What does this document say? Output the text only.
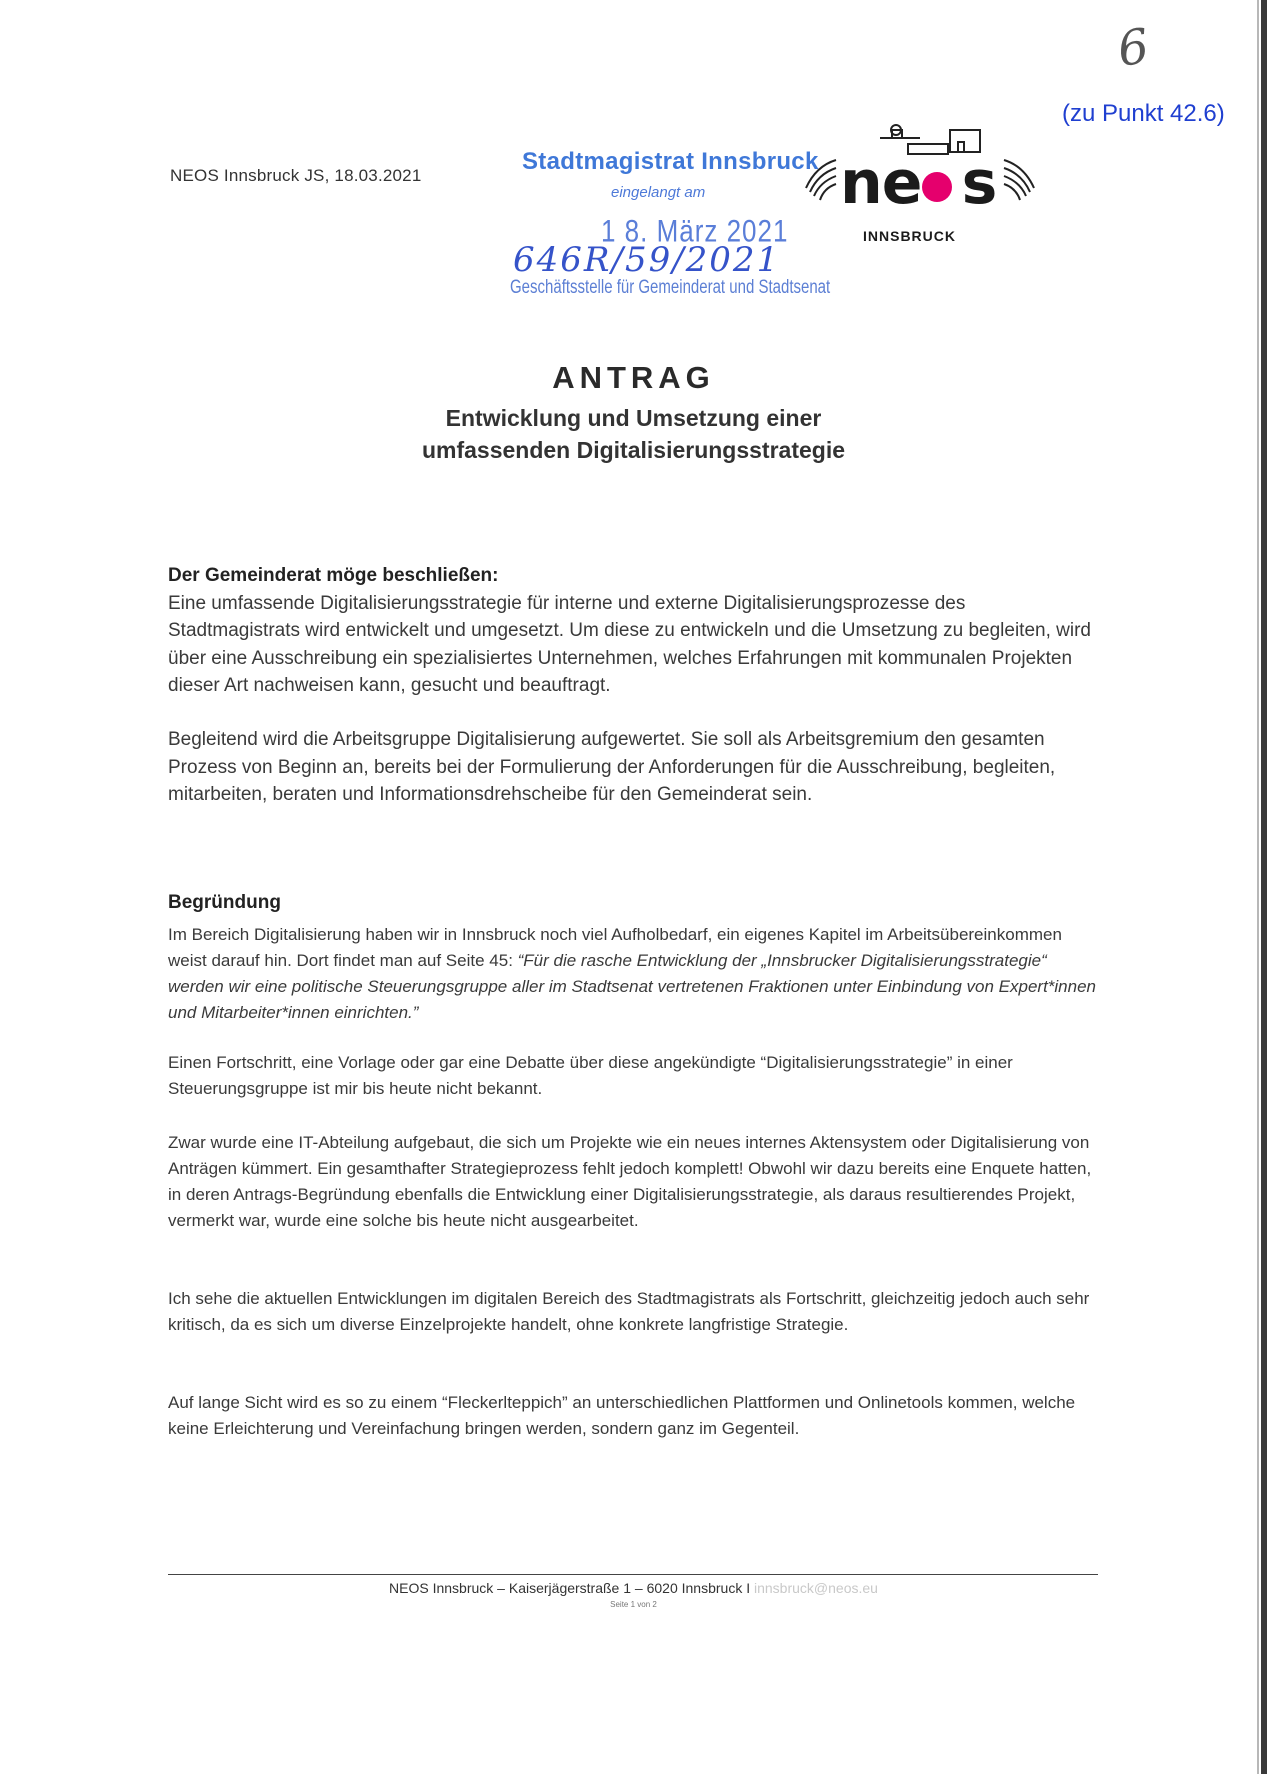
6
(zu Punkt 42.6)
NEOS Innsbruck JS, 18.03.2021
Stadtmagistrat Innsbruck
eingelangt am
1 8. März 2021
646R/59/2021
Geschäftsstelle für Gemeinderat und Stadtsenat
ne s
INNSBRUCK
ANTRAG
Entwicklung und Umsetzung einer
umfassenden Digitalisierungsstrategie
Der Gemeinderat möge beschließen:
Eine umfassende Digitalisierungsstrategie für interne und externe Digitalisierungsprozesse des Stadtmagistrats wird entwickelt und umgesetzt. Um diese zu entwickeln und die Umsetzung zu begleiten, wird über eine Ausschreibung ein spezialisiertes Unternehmen, welches Erfahrungen mit kommunalen Projekten dieser Art nachweisen kann, gesucht und beauftragt.
Begleitend wird die Arbeitsgruppe Digitalisierung aufgewertet. Sie soll als Arbeitsgremium den gesamten Prozess von Beginn an, bereits bei der Formulierung der Anforderungen für die Ausschreibung, begleiten, mitarbeiten, beraten und Informationsdrehscheibe für den Gemeinderat sein.
Begründung
Im Bereich Digitalisierung haben wir in Innsbruck noch viel Aufholbedarf, ein eigenes Kapitel im Arbeitsübereinkommen weist darauf hin. Dort findet man auf Seite 45: “Für die rasche Entwicklung der „Innsbrucker Digitalisierungsstrategie“ werden wir eine politische Steuerungsgruppe aller im Stadtsenat vertretenen Fraktionen unter Einbindung von Expert*innen und Mitarbeiter*innen einrichten.”
Einen Fortschritt, eine Vorlage oder gar eine Debatte über diese angekündigte “Digitalisierungsstrategie” in einer Steuerungsgruppe ist mir bis heute nicht bekannt.
Zwar wurde eine IT-Abteilung aufgebaut, die sich um Projekte wie ein neues internes Aktensystem oder Digitalisierung von Anträgen kümmert. Ein gesamthafter Strategieprozess fehlt jedoch komplett! Obwohl wir dazu bereits eine Enquete hatten, in deren Antrags-Begründung ebenfalls die Entwicklung einer Digitalisierungsstrategie, als daraus resultierendes Projekt, vermerkt war, wurde eine solche bis heute nicht ausgearbeitet.
Ich sehe die aktuellen Entwicklungen im digitalen Bereich des Stadtmagistrats als Fortschritt, gleichzeitig jedoch auch sehr kritisch, da es sich um diverse Einzelprojekte handelt, ohne konkrete langfristige Strategie.
Auf lange Sicht wird es so zu einem “Fleckerlteppich” an unterschiedlichen Plattformen und Onlinetools kommen, welche keine Erleichterung und Vereinfachung bringen werden, sondern ganz im Gegenteil.
NEOS Innsbruck – Kaiserjägerstraße 1 – 6020 Innsbruck I innsbruck@neos.eu
Seite 1 von 2
